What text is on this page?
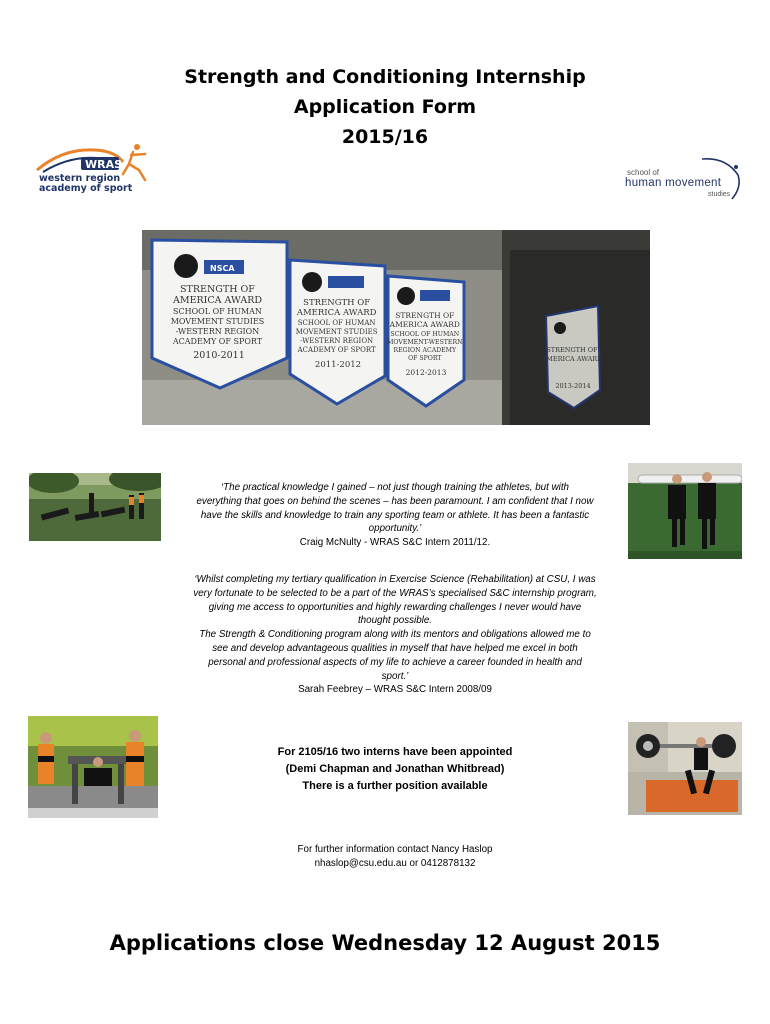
Strength and Conditioning Internship
Application Form
2015/16
WRAS
western region
academy of sport
school of
human movement
studies
NSCA
STRENGTH OF AMERICA AWARD SCHOOL OF HUMAN MOVEMENT STUDIES -WESTERN REGION ACADEMY OF SPORT 2010-2011
STRENGTH OF AMERICA AWARD SCHOOL OF HUMAN MOVEMENT STUDIES -WESTERN REGION ACADEMY OF SPORT 2011-2012
STRENGTH OF AMERICA AWARD SCHOOL OF HUMAN MOVEMENT-WESTERN REGION ACADEMY OF SPORT 2012-2013
STRENGTH OF AMERICA AWARD 2013-2014
‘The practical knowledge I gained – not just though training the athletes, but with
everything that goes on behind the scenes – has been paramount. I am confident that I now
have the skills and knowledge to train any sporting team or athlete. It has been a fantastic
opportunity.’
Craig McNulty - WRAS S&C Intern 2011/12.
‘Whilst completing my tertiary qualification in Exercise Science (Rehabilitation) at CSU, I was
very fortunate to be selected to be a part of the WRAS’s specialised S&C internship program,
giving me access to opportunities and highly rewarding challenges I never would have
thought possible.
The Strength & Conditioning program along with its mentors and obligations allowed me to
see and develop advantageous qualities in myself that have helped me excel in both
personal and professional aspects of my life to achieve a career founded in health and
sport.’
Sarah Feebrey – WRAS S&C Intern 2008/09
For 2105/16 two interns have been appointed
(Demi Chapman and Jonathan Whitbread)
There is a further position available
For further information contact Nancy Haslop
nhaslop@csu.edu.au or 0412878132
Applications close Wednesday 12 August 2015
